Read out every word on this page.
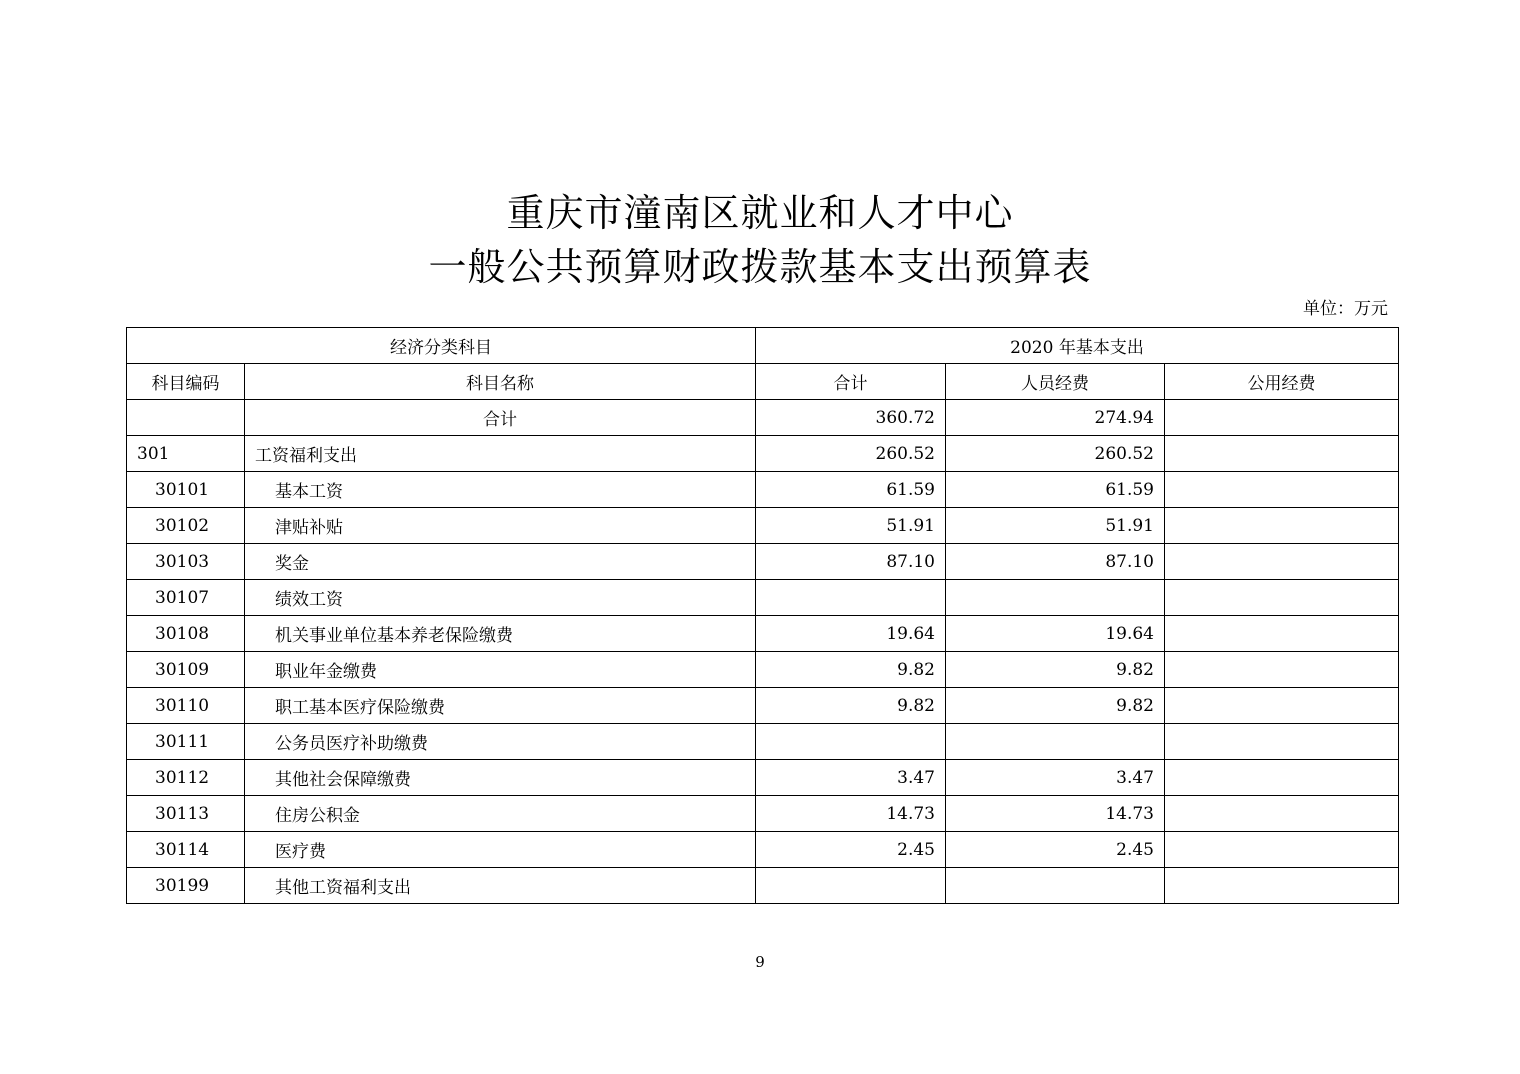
重庆市潼南区就业和人才中心
一般公共预算财政拨款基本支出预算表
单位：万元
经济分类科目		2020 年基本支出		
科目编码	科目名称	合计	人员经费	公用经费
	合计	360.72	274.94	
301	工资福利支出	260.52	260.52	
30101	基本工资	61.59	61.59	
30102	津贴补贴	51.91	51.91	
30103	奖金	87.10	87.10	
30107	绩效工资			
30108	机关事业单位基本养老保险缴费	19.64	19.64	
30109	职业年金缴费	9.82	9.82	
30110	职工基本医疗保险缴费	9.82	9.82	
30111	公务员医疗补助缴费			
30112	其他社会保障缴费	3.47	3.47	
30113	住房公积金	14.73	14.73	
30114	医疗费	2.45	2.45	
30199	其他工资福利支出			
9
